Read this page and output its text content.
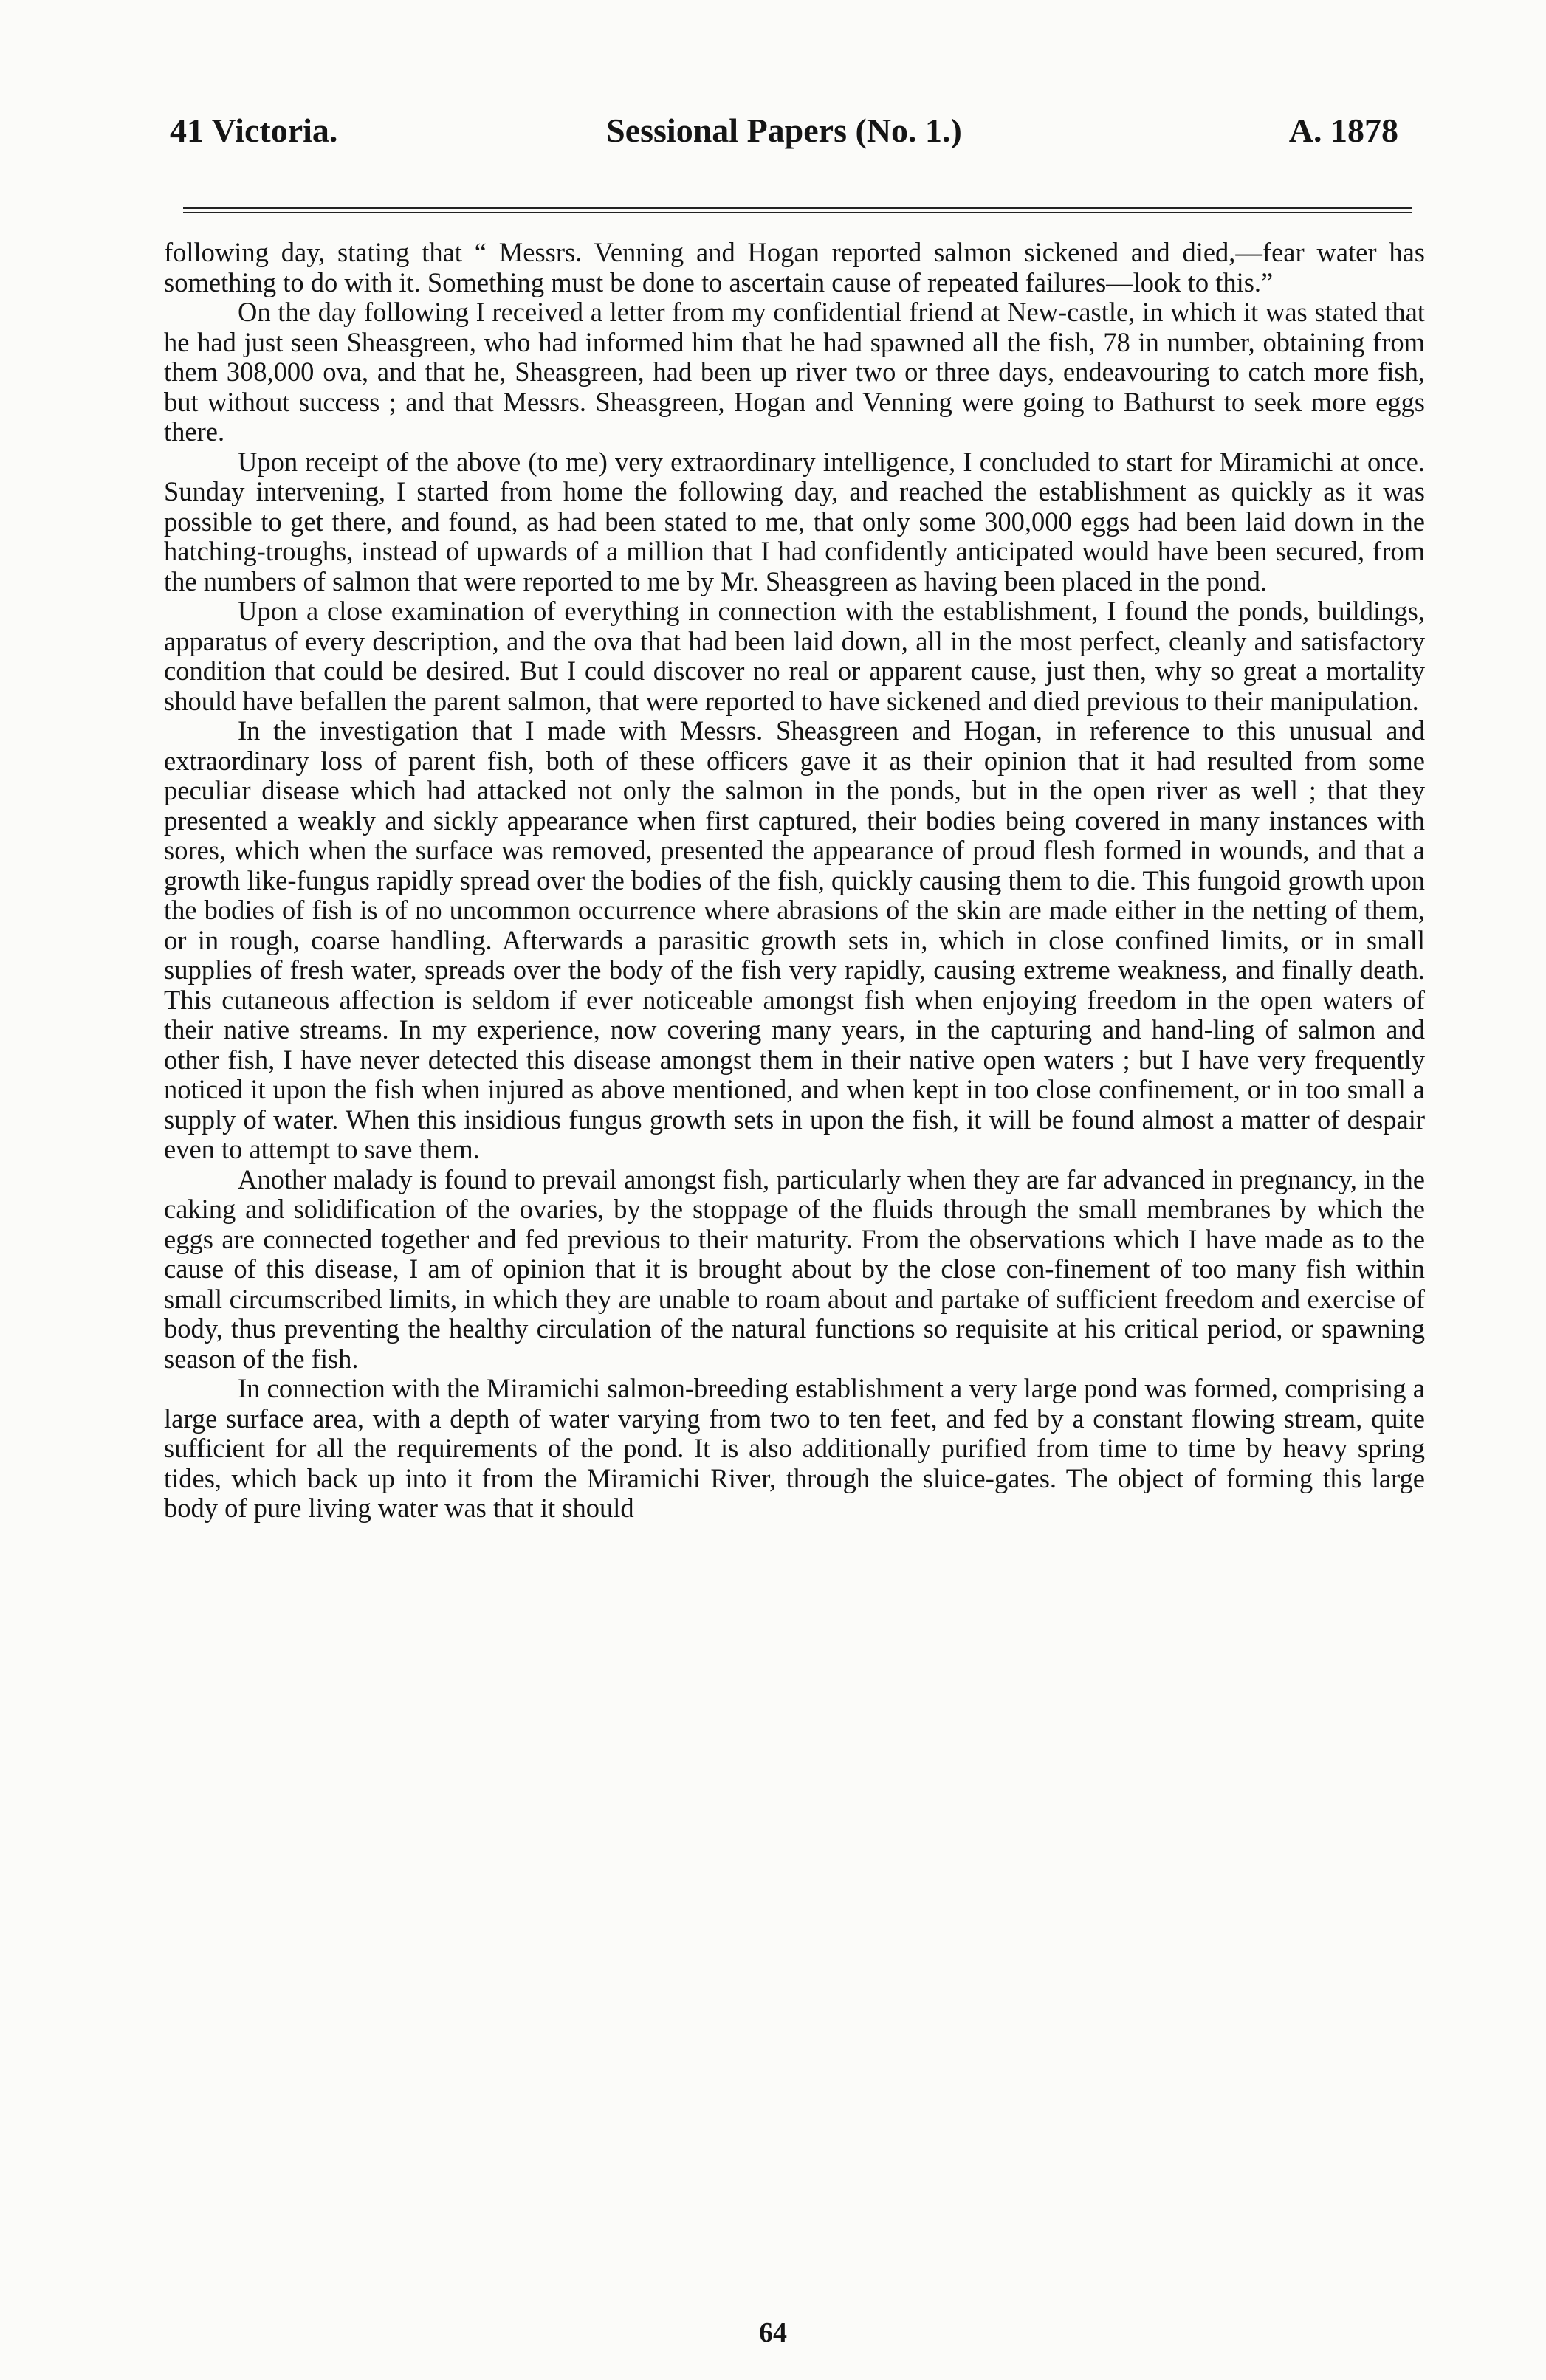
41 Victoria.	Sessional Papers (No. 1.)	A. 1878

following day, stating that “ Messrs. Venning and Hogan reported salmon sickened and died,—fear water has something to do with it. Something must be done to ascertain cause of repeated failures—look to this.”

On the day following I received a letter from my confidential friend at New-castle, in which it was stated that he had just seen Sheasgreen, who had informed him that he had spawned all the fish, 78 in number, obtaining from them 308,000 ova, and that he, Sheasgreen, had been up river two or three days, endeavouring to catch more fish, but without success ; and that Messrs. Sheasgreen, Hogan and Venning were going to Bathurst to seek more eggs there.

Upon receipt of the above (to me) very extraordinary intelligence, I concluded to start for Miramichi at once. Sunday intervening, I started from home the following day, and reached the establishment as quickly as it was possible to get there, and found, as had been stated to me, that only some 300,000 eggs had been laid down in the hatching-troughs, instead of upwards of a million that I had confidently anticipated would have been secured, from the numbers of salmon that were reported to me by Mr. Sheasgreen as having been placed in the pond.

Upon a close examination of everything in connection with the establishment, I found the ponds, buildings, apparatus of every description, and the ova that had been laid down, all in the most perfect, cleanly and satisfactory condition that could be desired. But I could discover no real or apparent cause, just then, why so great a mortality should have befallen the parent salmon, that were reported to have sickened and died previous to their manipulation.

In the investigation that I made with Messrs. Sheasgreen and Hogan, in reference to this unusual and extraordinary loss of parent fish, both of these officers gave it as their opinion that it had resulted from some peculiar disease which had attacked not only the salmon in the ponds, but in the open river as well ; that they presented a weakly and sickly appearance when first captured, their bodies being covered in many instances with sores, which when the surface was removed, presented the appearance of proud flesh formed in wounds, and that a growth like-fungus rapidly spread over the bodies of the fish, quickly causing them to die. This fungoid growth upon the bodies of fish is of no uncommon occurrence where abrasions of the skin are made either in the netting of them, or in rough, coarse handling. Afterwards a parasitic growth sets in, which in close confined limits, or in small supplies of fresh water, spreads over the body of the fish very rapidly, causing extreme weakness, and finally death. This cutaneous affection is seldom if ever noticeable amongst fish when enjoying freedom in the open waters of their native streams. In my experience, now covering many years, in the capturing and hand-ling of salmon and other fish, I have never detected this disease amongst them in their native open waters ; but I have very frequently noticed it upon the fish when injured as above mentioned, and when kept in too close confinement, or in too small a supply of water. When this insidious fungus growth sets in upon the fish, it will be found almost a matter of despair even to attempt to save them.

Another malady is found to prevail amongst fish, particularly when they are far advanced in pregnancy, in the caking and solidification of the ovaries, by the stoppage of the fluids through the small membranes by which the eggs are connected together and fed previous to their maturity. From the observations which I have made as to the cause of this disease, I am of opinion that it is brought about by the close con-finement of too many fish within small circumscribed limits, in which they are unable to roam about and partake of sufficient freedom and exercise of body, thus preventing the healthy circulation of the natural functions so requisite at his critical period, or spawning season of the fish.

In connection with the Miramichi salmon-breeding establishment a very large pond was formed, comprising a large surface area, with a depth of water varying from two to ten feet, and fed by a constant flowing stream, quite sufficient for all the requirements of the pond. It is also additionally purified from time to time by heavy spring tides, which back up into it from the Miramichi River, through the sluice-gates. The object of forming this large body of pure living water was that it should

64
